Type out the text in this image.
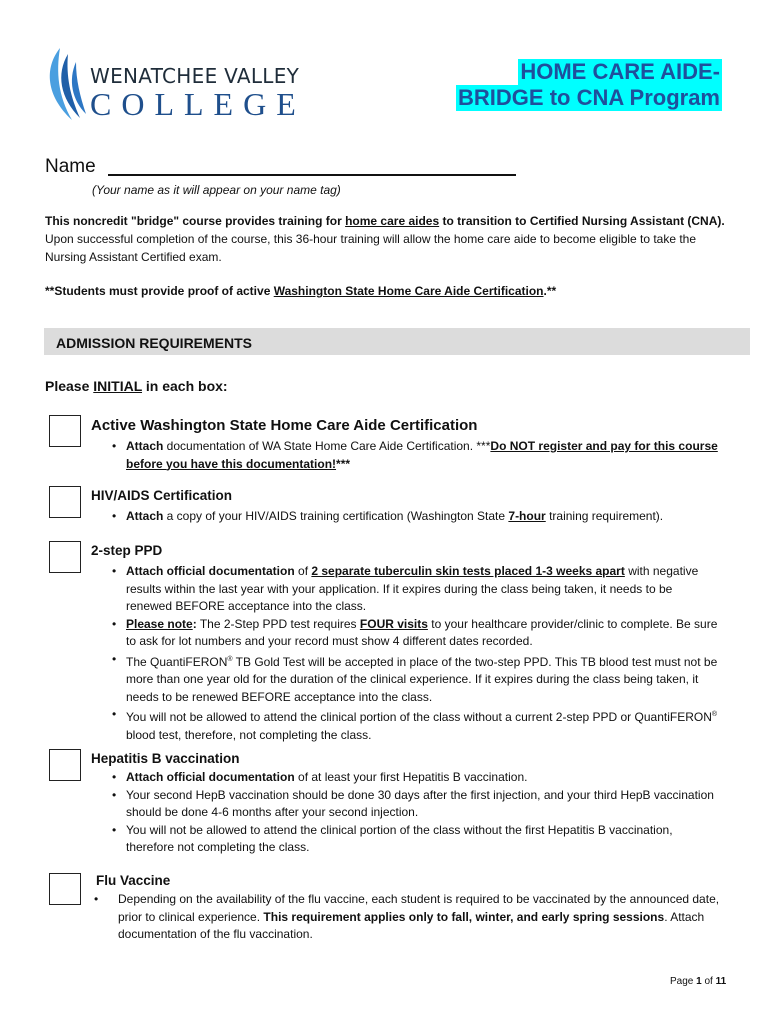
WENATCHEE VALLEY
COLLEGE
HOME CARE AIDE-
BRIDGE to CNA Program
Name
(Your name as it will appear on your name tag)
This noncredit "bridge" course provides training for home care aides to transition to Certified Nursing Assistant (CNA). Upon successful completion of the course, this 36-hour training will allow the home care aide to become eligible to take the Nursing Assistant Certified exam.
**Students must provide proof of active Washington State Home Care Aide Certification.**
ADMISSION REQUIREMENTS
Please INITIAL in each box:
Active Washington State Home Care Aide Certification
• Attach documentation of WA State Home Care Aide Certification. ***Do NOT register and pay for this course before you have this documentation!***
HIV/AIDS Certification
• Attach a copy of your HIV/AIDS training certification (Washington State 7-hour training requirement).
2-step PPD
• Attach official documentation of 2 separate tuberculin skin tests placed 1-3 weeks apart with negative results within the last year with your application. If it expires during the class being taken, it needs to be renewed BEFORE acceptance into the class.
• Please note: The 2-Step PPD test requires FOUR visits to your healthcare provider/clinic to complete. Be sure to ask for lot numbers and your record must show 4 different dates recorded.
• The QuantiFERON® TB Gold Test will be accepted in place of the two-step PPD. This TB blood test must not be more than one year old for the duration of the clinical experience. If it expires during the class being taken, it needs to be renewed BEFORE acceptance into the class.
• You will not be allowed to attend the clinical portion of the class without a current 2-step PPD or QuantiFERON® blood test, therefore, not completing the class.
Hepatitis B vaccination
• Attach official documentation of at least your first Hepatitis B vaccination.
• Your second HepB vaccination should be done 30 days after the first injection, and your third HepB vaccination should be done 4-6 months after your second injection.
• You will not be allowed to attend the clinical portion of the class without the first Hepatitis B vaccination, therefore not completing the class.
Flu Vaccine
• Depending on the availability of the flu vaccine, each student is required to be vaccinated by the announced date, prior to clinical experience. This requirement applies only to fall, winter, and early spring sessions. Attach documentation of the flu vaccination.
Page 1 of 11
